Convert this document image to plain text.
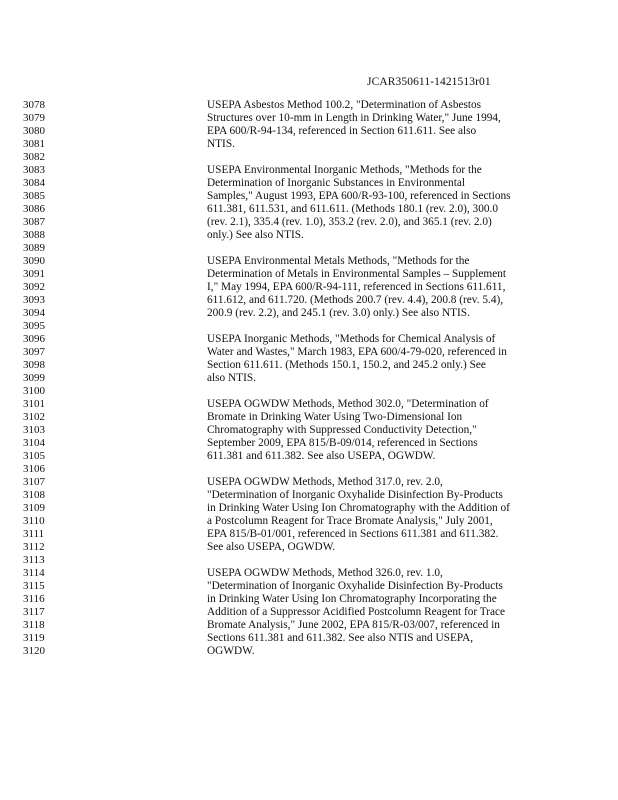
JCAR350611-1421513r01
3078	USEPA Asbestos Method 100.2, "Determination of Asbestos
3079	Structures over 10-mm in Length in Drinking Water," June 1994,
3080	EPA 600/R-94-134, referenced in Section 611.611. See also
3081	NTIS.
3082
3083	USEPA Environmental Inorganic Methods, "Methods for the
3084	Determination of Inorganic Substances in Environmental
3085	Samples," August 1993, EPA 600/R-93-100, referenced in Sections
3086	611.381, 611.531, and 611.611. (Methods 180.1 (rev. 2.0), 300.0
3087	(rev. 2.1), 335.4 (rev. 1.0), 353.2 (rev. 2.0), and 365.1 (rev. 2.0)
3088	only.) See also NTIS.
3089
3090	USEPA Environmental Metals Methods, "Methods for the
3091	Determination of Metals in Environmental Samples – Supplement
3092	I," May 1994, EPA 600/R-94-111, referenced in Sections 611.611,
3093	611.612, and 611.720. (Methods 200.7 (rev. 4.4), 200.8 (rev. 5.4),
3094	200.9 (rev. 2.2), and 245.1 (rev. 3.0) only.) See also NTIS.
3095
3096	USEPA Inorganic Methods, "Methods for Chemical Analysis of
3097	Water and Wastes," March 1983, EPA 600/4-79-020, referenced in
3098	Section 611.611. (Methods 150.1, 150.2, and 245.2 only.) See
3099	also NTIS.
3100
3101	USEPA OGWDW Methods, Method 302.0, "Determination of
3102	Bromate in Drinking Water Using Two-Dimensional Ion
3103	Chromatography with Suppressed Conductivity Detection,"
3104	September 2009, EPA 815/B-09/014, referenced in Sections
3105	611.381 and 611.382. See also USEPA, OGWDW.
3106
3107	USEPA OGWDW Methods, Method 317.0, rev. 2.0,
3108	"Determination of Inorganic Oxyhalide Disinfection By-Products
3109	in Drinking Water Using Ion Chromatography with the Addition of
3110	a Postcolumn Reagent for Trace Bromate Analysis," July 2001,
3111	EPA 815/B-01/001, referenced in Sections 611.381 and 611.382.
3112	See also USEPA, OGWDW.
3113
3114	USEPA OGWDW Methods, Method 326.0, rev. 1.0,
3115	"Determination of Inorganic Oxyhalide Disinfection By-Products
3116	in Drinking Water Using Ion Chromatography Incorporating the
3117	Addition of a Suppressor Acidified Postcolumn Reagent for Trace
3118	Bromate Analysis," June 2002, EPA 815/R-03/007, referenced in
3119	Sections 611.381 and 611.382. See also NTIS and USEPA,
3120	OGWDW.
